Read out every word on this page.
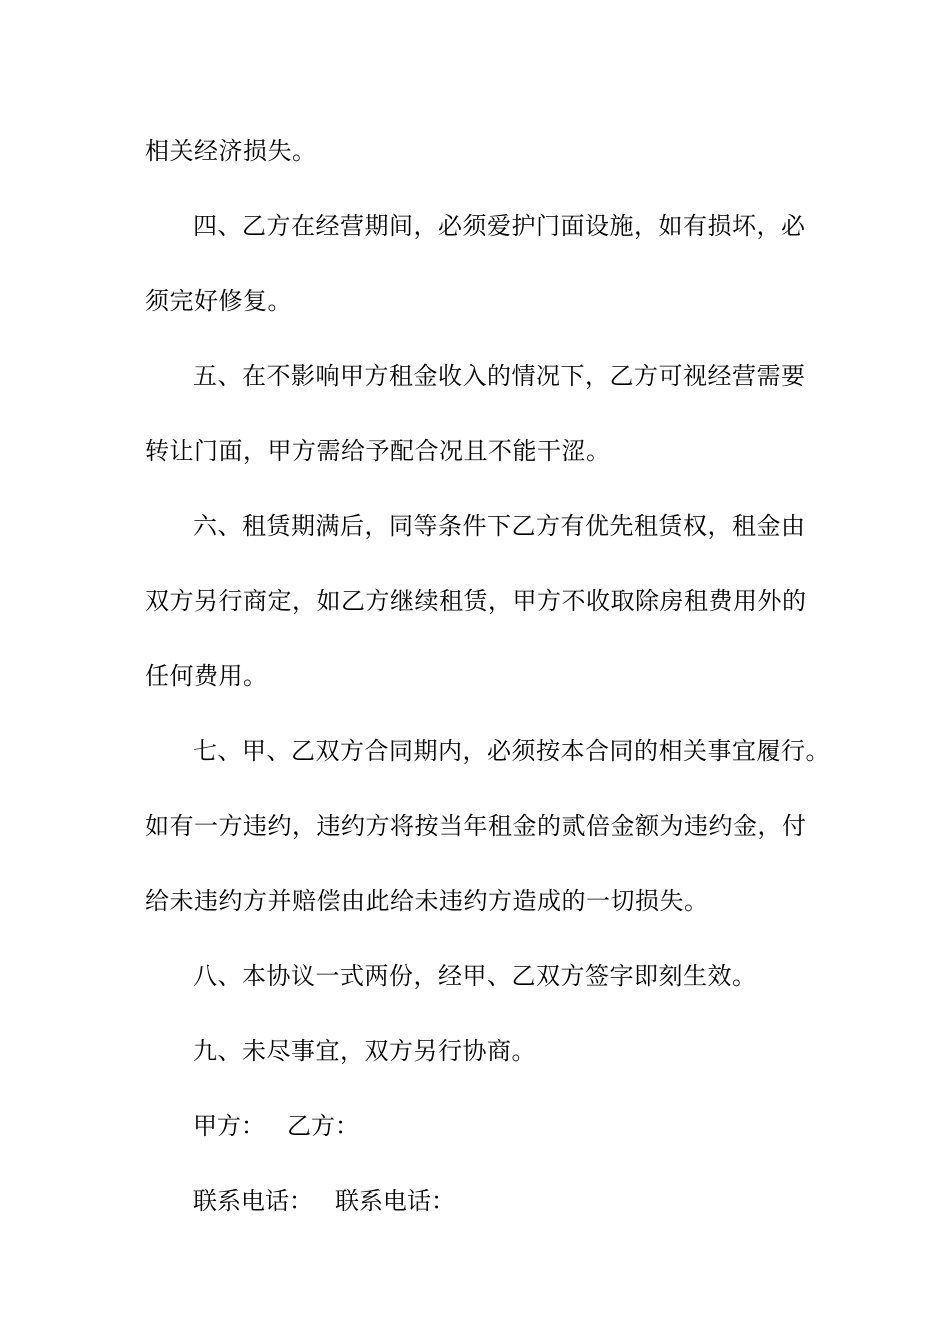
相关经济损失。
四、乙方在经营期间，必须爱护门面设施，如有损坏，必
须完好修复。
五、在不影响甲方租金收入的情况下，乙方可视经营需要
转让门面，甲方需给予配合况且不能干涩。
六、租赁期满后，同等条件下乙方有优先租赁权，租金由
双方另行商定，如乙方继续租赁，甲方不收取除房租费用外的
任何费用。
七、甲、乙双方合同期内，必须按本合同的相关事宜履行。
如有一方违约，违约方将按当年租金的贰倍金额为违约金，付
给未违约方并赔偿由此给未违约方造成的一切损失。
八、本协议一式两份，经甲、乙双方签字即刻生效。
九、未尽事宜，双方另行协商。
甲方： 乙方：
联系电话： 联系电话：
